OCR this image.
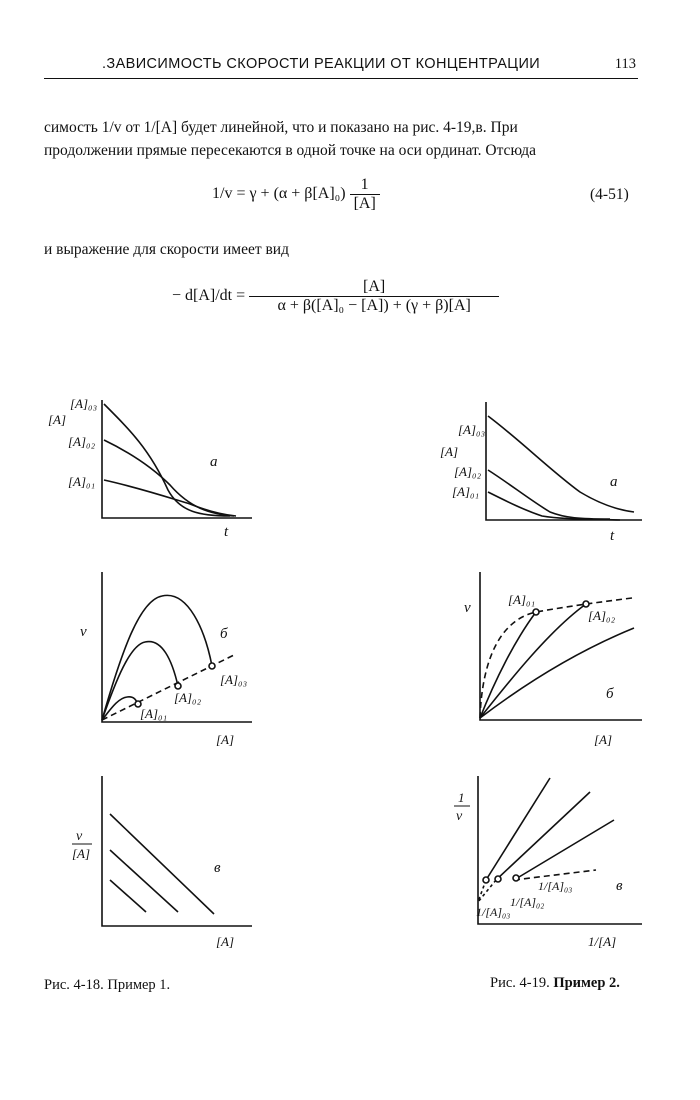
.ЗАВИСИМОСТЬ СКОРОСТИ РЕАКЦИИ ОТ КОНЦЕНТРАЦИИ	113
симость 1/v от 1/[A] будет линейной, что и показано на рис. 4-19,в. При
продолжении прямые пересекаются в одной точке на оси ординат. Отсюда
$1/v = \gamma + (\alpha + \beta[A]_0) \frac{1}{[A]}$	(4-51)
и выражение для скорости имеет вид
− $d[A]/dt = \frac{[A]}{\text{α + β([A]₀ − [A]) + (γ + β)[A]}}$
[A]
[A]₀₃
[A]₀₂
[A]₀₁
t
а
v
[A]₀₃
[A]₀₂
[A]₀₁
[A]
б
v
[A]
[A]
в
[A]₀₃
[A]
[A]₀₂
[A]₀₁
t
а
v
[A]₀₁
[A]₀₂
[A]
б
1
v
1/[A]₀₃
1/[A]₀₂
1/[A]₀₃
1/[A]
в
Рис. 4-18. Пример 1.	Рис. 4-19. Пример 2.
